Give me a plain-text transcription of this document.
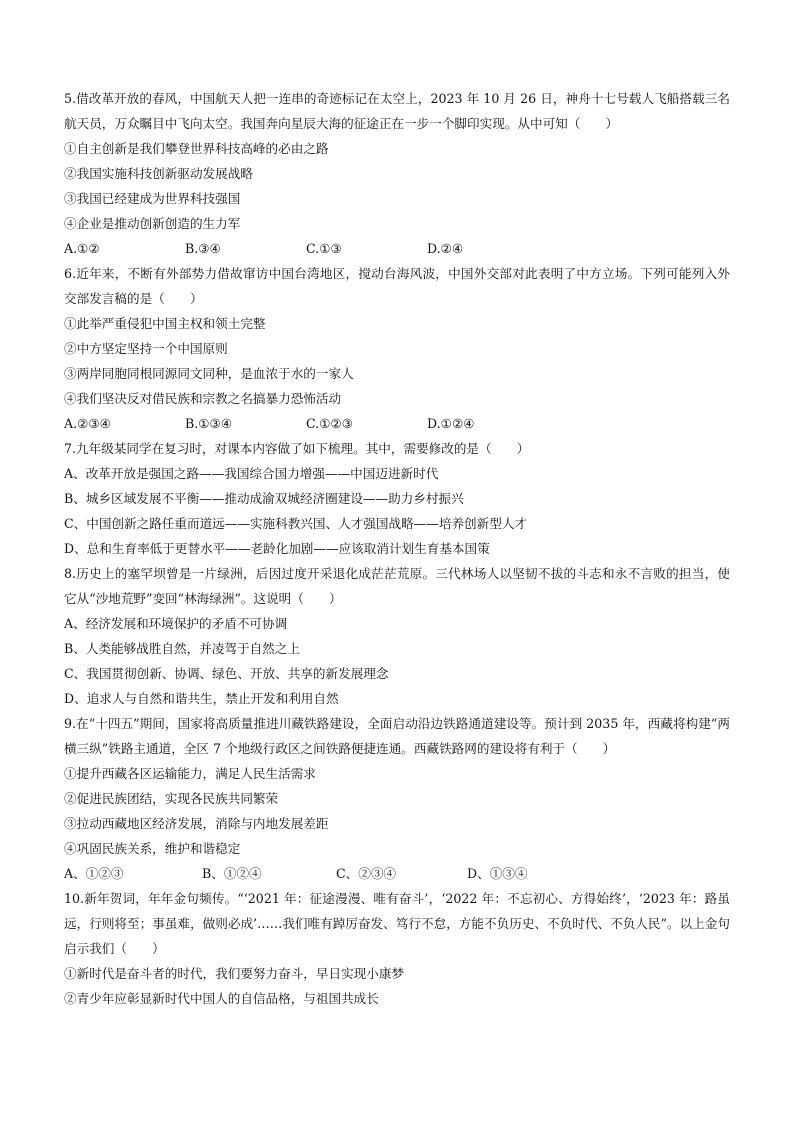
5.借改革开放的春风，中国航天人把一连串的奇迹标记在太空上，2023 年 10 月 26 日，神舟十七号载人飞船搭载三名航天员，万众瞩目中飞向太空。我国奔向星辰大海的征途正在一步一个脚印实现。从中可知（　　）

①自主创新是我们攀登世界科技高峰的必由之路

②我国实施科技创新驱动发展战略

③我国已经建成为世界科技强国

④企业是推动创新创造的生力军

A.①②	B.③④	C.①③	D.②④

6.近年来，不断有外部势力借故窜访中国台湾地区，搅动台海风波，中国外交部对此表明了中方立场。下列可能列入外交部发言稿的是（　　）

①此举严重侵犯中国主权和领土完整

②中方坚定坚持一个中国原则

③两岸同胞同根同源同文同种，是血浓于水的一家人

④我们坚决反对借民族和宗教之名搞暴力恐怖活动

A.②③④	B.①③④	C.①②③	D.①②④

7.九年级某同学在复习时，对课本内容做了如下梳理。其中，需要修改的是（　　）

A、改革开放是强国之路——我国综合国力增强——中国迈进新时代

B、城乡区域发展不平衡——推动成渝双城经济圈建设——助力乡村振兴

C、中国创新之路任重而道远——实施科教兴国、人才强国战略——培养创新型人才

D、总和生育率低于更替水平——老龄化加剧——应该取消计划生育基本国策

8.历史上的塞罕坝曾是一片绿洲，后因过度开采退化成茫茫荒原。三代林场人以坚韧不拔的斗志和永不言败的担当，使它从“沙地荒野”变回“林海绿洲”。这说明（　　）

A、经济发展和环境保护的矛盾不可协调

B、人类能够战胜自然，并凌驾于自然之上

C、我国贯彻创新、协调、绿色、开放、共享的新发展理念

D、追求人与自然和谐共生，禁止开发和利用自然

9.在“十四五”期间，国家将高质量推进川藏铁路建设，全面启动沿边铁路通道建设等。预计到 2035 年，西藏将构建“两横三纵”铁路主通道，全区 7 个地级行政区之间铁路便捷连通。西藏铁路网的建设将有利于（　　）

①提升西藏各区运输能力，满足人民生活需求

②促进民族团结，实现各民族共同繁荣

③拉动西藏地区经济发展，消除与内地发展差距

④巩固民族关系，维护和谐稳定

A、①②③	B、①②④	C、②③④	D、①③④

10.新年贺词，年年金句频传。“‘2021 年：征途漫漫、唯有奋斗’，‘2022 年：不忘初心、方得始终’，‘2023 年：路虽远，行则将至；事虽难，做则必成’……我们唯有踔厉奋发、笃行不怠，方能不负历史、不负时代、不负人民”。以上金句启示我们（　　）

①新时代是奋斗者的时代，我们要努力奋斗，早日实现小康梦

②青少年应彰显新时代中国人的自信品格，与祖国共成长
